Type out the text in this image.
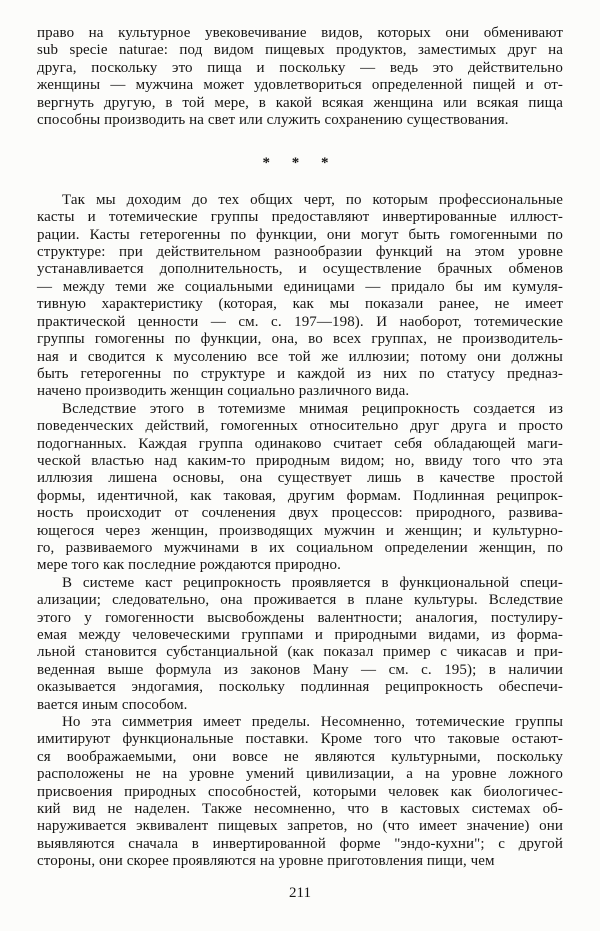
право на культурное увековечивание видов, которых они обменивают
sub specie naturae: под видом пищевых продуктов, заместимых друг на
друга, поскольку это пища и поскольку — ведь это действительно
женщины — мужчина может удовлетвориться определенной пищей и от-
вергнуть другую, в той мере, в какой всякая женщина или всякая пища
способны производить на свет или служить сохранению существования.
* * *
Так мы доходим до тех общих черт, по которым профессиональные
касты и тотемические группы предоставляют инвертированные иллюст-
рации. Касты гетерогенны по функции, они могут быть гомогенными по
структуре: при действительном разнообразии функций на этом уровне
устанавливается дополнительность, и осуществление брачных обменов
— между теми же социальными единицами — придало бы им кумуля-
тивную характеристику (которая, как мы показали ранее, не имеет
практической ценности — см. с. 197—198). И наоборот, тотемические
группы гомогенны по функции, она, во всех группах, не производитель-
ная и сводится к мусолению все той же иллюзии; потому они должны
быть гетерогенны по структуре и каждой из них по статусу предназ-
начено производить женщин социально различного вида.
Вследствие этого в тотемизме мнимая реципрокность создается из
поведенческих действий, гомогенных относительно друг друга и просто
подогнанных. Каждая группа одинаково считает себя обладающей маги-
ческой властью над каким-то природным видом; но, ввиду того что эта
иллюзия лишена основы, она существует лишь в качестве простой
формы, идентичной, как таковая, другим формам. Подлинная реципрок-
ность происходит от сочленения двух процессов: природного, развива-
ющегося через женщин, производящих мужчин и женщин; и культурно-
го, развиваемого мужчинами в их социальном определении женщин, по
мере того как последние рождаются природно.
В системе каст реципрокность проявляется в функциональной специ-
ализации; следовательно, она проживается в плане культуры. Вследствие
этого у гомогенности высвобождены валентности; аналогия, постулиру-
емая между человеческими группами и природными видами, из форма-
льной становится субстанциальной (как показал пример с чикасав и при-
веденная выше формула из законов Ману — см. с. 195); в наличии
оказывается эндогамия, поскольку подлинная реципрокность обеспечи-
вается иным способом.
Но эта симметрия имеет пределы. Несомненно, тотемические группы
имитируют функциональные поставки. Кроме того что таковые остают-
ся воображаемыми, они вовсе не являются культурными, поскольку
расположены не на уровне умений цивилизации, а на уровне ложного
присвоения природных способностей, которыми человек как биологичес-
кий вид не наделен. Также несомненно, что в кастовых системах об-
наруживается эквивалент пищевых запретов, но (что имеет значение) они
выявляются сначала в инвертированной форме "эндо-кухни"; с другой
стороны, они скорее проявляются на уровне приготовления пищи, чем
211
